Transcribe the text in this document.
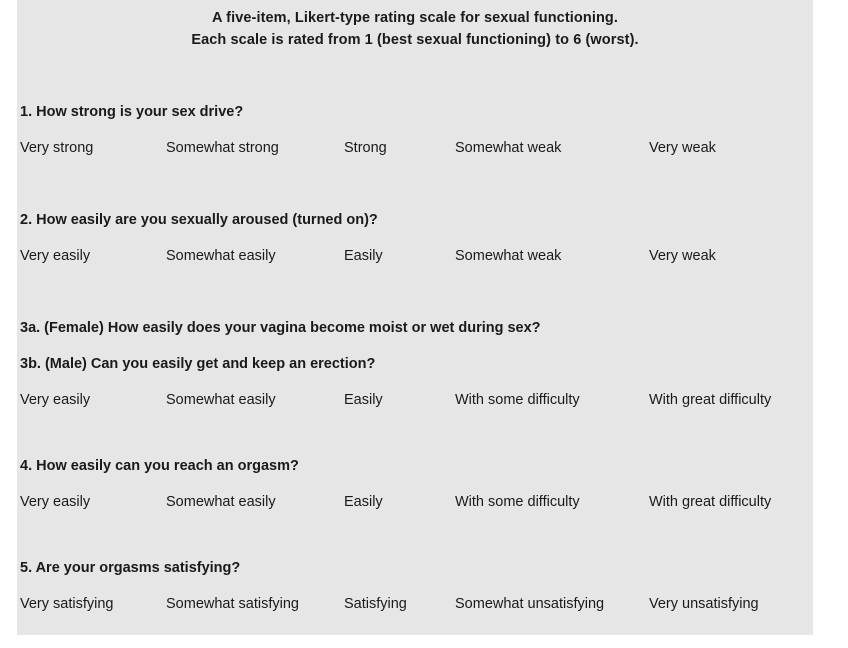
A five-item, Likert-type rating scale for sexual functioning.
Each scale is rated from 1 (best sexual functioning) to 6 (worst).
1. How strong is your sex drive?
Very strong	Somewhat strong	Strong	Somewhat weak	Very weak
2. How easily are you sexually aroused (turned on)?
Very easily	Somewhat easily	Easily	Somewhat weak	Very weak
3a. (Female) How easily does your vagina become moist or wet during sex?
3b. (Male) Can you easily get and keep an erection?
Very easily	Somewhat easily	Easily	With some difficulty	With great difficulty
4. How easily can you reach an orgasm?
Very easily	Somewhat easily	Easily	With some difficulty	With great difficulty
5. Are your orgasms satisfying?
Very satisfying	Somewhat satisfying	Satisfying	Somewhat unsatisfying	Very unsatisfying
